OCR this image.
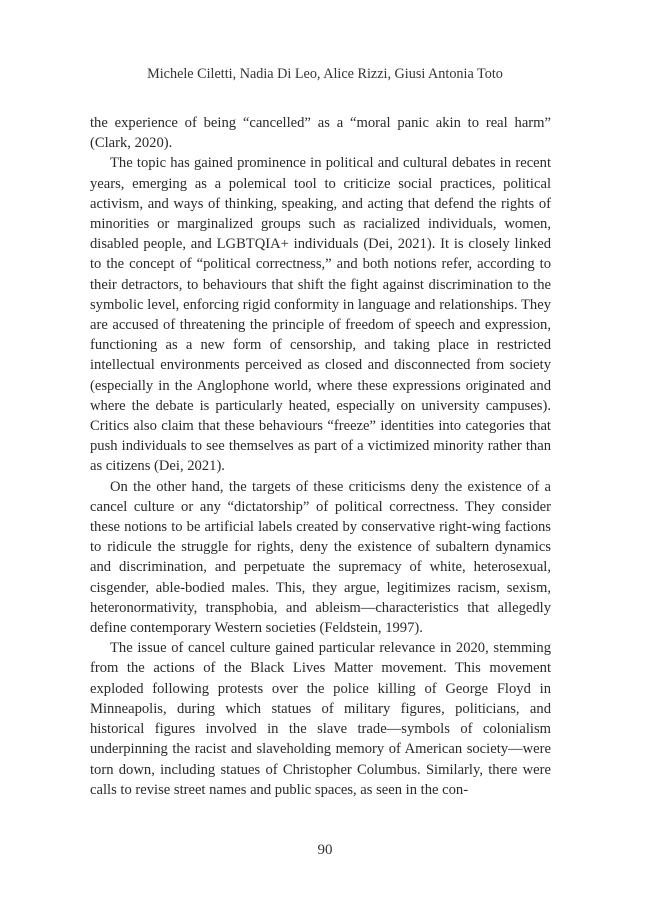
Michele Ciletti, Nadia Di Leo, Alice Rizzi, Giusi Antonia Toto

the experience of being “cancelled” as a “moral panic akin to real harm” (Clark, 2020).

The topic has gained prominence in political and cultural debates in recent years, emerging as a polemical tool to criticize social practices, political activism, and ways of thinking, speaking, and acting that defend the rights of minorities or marginalized groups such as racialized individuals, women, disabled people, and LGBTQIA+ individuals (Dei, 2021). It is closely linked to the concept of “political correctness,” and both notions refer, according to their detractors, to behaviours that shift the fight against discrimination to the symbolic level, enforcing rigid conformity in language and relationships. They are accused of threatening the principle of freedom of speech and expression, functioning as a new form of censorship, and taking place in restricted intellectual environments perceived as closed and disconnected from society (especially in the Anglophone world, where these expressions originated and where the debate is particularly heated, especially on university campuses). Critics also claim that these behaviours “freeze” identities into categories that push individuals to see themselves as part of a victimized minority rather than as citizens (Dei, 2021).

On the other hand, the targets of these criticisms deny the existence of a cancel culture or any “dictatorship” of political correctness. They consider these notions to be artificial labels created by conservative right-wing factions to ridicule the struggle for rights, deny the existence of subaltern dynamics and discrimination, and perpetuate the supremacy of white, heterosexual, cisgender, able-bodied males. This, they argue, legitimizes racism, sexism, heteronormativity, transphobia, and ableism—characteristics that allegedly define contemporary Western societies (Feldstein, 1997).

The issue of cancel culture gained particular relevance in 2020, stemming from the actions of the Black Lives Matter movement. This movement exploded following protests over the police killing of George Floyd in Minneapolis, during which statues of military figures, politicians, and historical figures involved in the slave trade—symbols of colonialism underpinning the racist and slaveholding memory of American society—were torn down, including statues of Christopher Columbus. Similarly, there were calls to revise street names and public spaces, as seen in the con-

90
